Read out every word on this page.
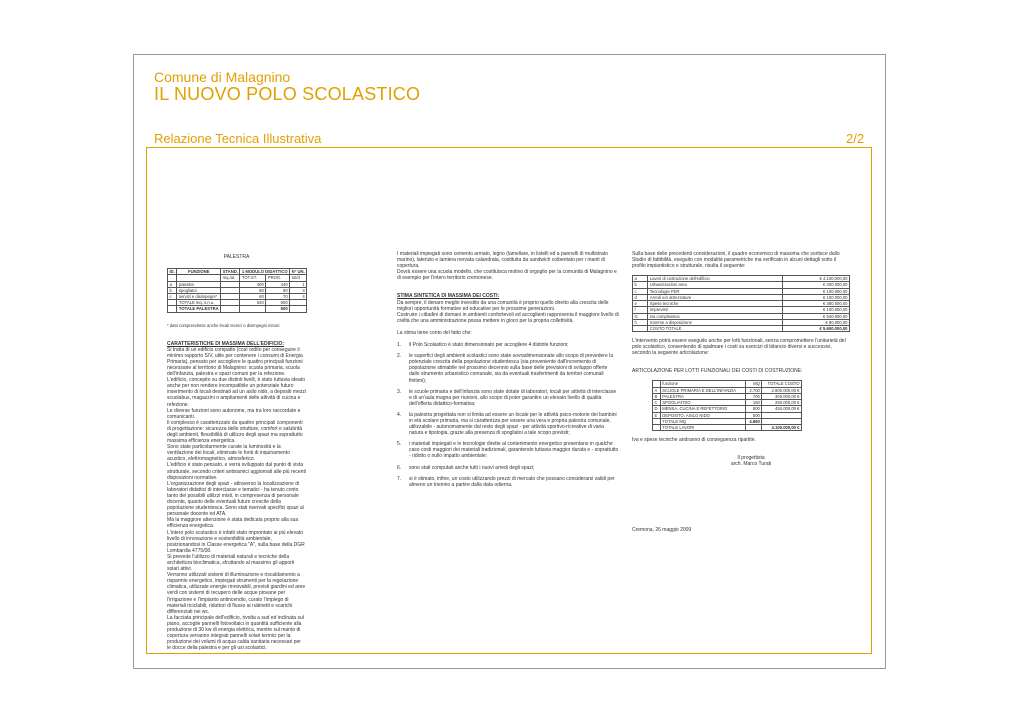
Comune di Malagnino
IL NUOVO POLO SCOLASTICO
Relazione Tecnica Illustrativa	2/2
PALESTRA
ID.	FUNZIONE	STAND.	1 MODULO DIDATTICO		N° UN.
		mq./al.	TOT.ST.	PROG.	tot/d
a	palestra		400	440	1
b	spogliatoi		80	90	3
c	servizi e disimpegni*		60	70	4
	TOTALE mq. s.n.u.		540	600	
	TOTALE PALESTRA			600	
* dato comprendente anche locali tecnici e disimpegni minori.
CARATTERISTICHE DI MASSIMA DELL'EDIFICIO:

Si tratta di un edificio compatto (così ordito per conseguire il minimo rapporto S/V, utile per contenere i consumi di Energia Primaria), pensato per accogliere le quattro principali funzioni necessarie al territorio di Malagnino: scuola primaria, scuola dell'infanzia, palestra e spazi comuni per la refezione.

L'edificio, concepito su due distinti livelli, è stato tuttavia ideato anche per non rendere incompatibile un potenziale futuro inserimento di locali destinati ad un asilo nido, a depositi mezzi scuolabus, magazzini o ampliamenti delle attività di cucina e refezione.

Le diverse funzioni sono autonome, ma tra loro raccordate e comunicanti.

Il complesso è caratterizzato da quattro principali componenti di progettazione: sicurezza delle strutture, comfort e salubrità degli ambienti, flessibilità di utilizzo degli spazi ma soprattutto massima efficienza energetica.

Sono state particolarmente curate la luminosità e la ventilazione dei locali, eliminate le fonti di inquinamento acustico, elettromagnetico, atmosferico.

L'edificio è stato pensato, e verrà sviluppato dal punto di vista strutturale, secondo criteri antisismici aggiornati alle più recenti disposizioni normative.

L'organizzazione degli spazi - attraverso la localizzazione di laboratori didattici di interclasse e tematici - ha tenuto conto tanto dei possibili utilizzi misti, in compresenza di personale docente, quanto delle eventuali future crescite della popolazione studentesca. Sono stati riservati specifici spazi al personale docente ed ATA.

Ma la maggiore attenzione è stata dedicata proprio alla sua efficienza energetica.

L'intero polo scolastico è infatti stato improntato ai più elevato livello di innovazione e sostenibilità ambientale, posizionandosi in Classe energetica "A", sulla base della DGR Lombardia 4775/08.

Si prevede l'utilizzo di materiali naturali e tecniche della architettura bioclimatica, sfruttando al massimo gli apporti solari attivi.

Verranno utilizzati sistemi di illuminazione e riscaldamento a risparmio energetico, impiegati strumenti per la regolazione climatica, utilizzate energie rinnovabili, previsti giardini ed aree verdi con sistemi di recupero delle acque piovane per l'irrigazione e l'impianto antincendio, curato l'impiego di materiali riciclabili, riduttori di flusso ai rubinetti e scarichi differenziati nei wc.

La facciata principale dell'edificio, rivolta a sud ed inclinata sul piano, accoglie pannelli fotovoltaici in quantità sufficiente alla produzione di 30 kw di energia elettrica, mentre sul manto di copertura verranno integrati pannelli solari termici per la produzione dei volumi di acqua calda sanitaria necessari per le docce della palestra e per gli usi scolastici.

I materiali impiegati sono cemento armato, legno (lamellare, in listelli ed a pannelli di multistrato marino), laterizio e lamiera nervata calandrata, costituita da sandwich coibentato per i manti di copertura.

Dovrà essere una scuola modello, che costituisca motivo di orgoglio per la comunità di Malagnino e di esempio per l'intero territorio cremonese.

STIMA SINTETICA DI MASSIMA DEI COSTI:

Da sempre, il denaro meglio investito da una comunità è proprio quello diretto alla crescita delle migliori opportunità formative ed educative per le prossime generazioni.

Costruire i cittadini di domani in ambienti confortevoli ed accoglienti rappresenta il maggiore livello di civiltà che una amministrazione possa mettere in gioco per la propria collettività.

La stima tiene conto del fatto che:

1.	il Polo Scolastico è stato dimensionato per accogliere 4 distinte funzioni;
2.	le superfici degli ambienti scolastici sono state sovradimensionate allo scopo di prevedere la potenziale crescita della popolazione studentesca (sia proveniente dall'incremento di popolazione stimabile nel prossimo decennio sulla base delle previsioni di sviluppo offerte dallo strumento urbanistico comunale, sia da eventuali trasferimenti da territori comunali finitimi);
3.	le scuole primaria e dell'infanzia sono state dotate di laboratori, locali per attività di interclasse e di un'aula magna per riunioni, allo scopo di poter garantire un elevato livello di qualità dell'offerta didattico-formativa;
4.	la palestra progettata non si limita ad essere un locale per le attività psico-motorie dei bambini in età scolare primaria, ma si caratterizza per essere una vera e propria palestra comunale, utilizzabile - autonomamente dal resto degli spazi - per attività sportivo-ricreative di varia natura e tipologia, grazie alla presenza di spogliatoi a tale scopo previsti;
5.	i materiali impiegati e le tecnologie dirette al contenimento energetico presentano in qualche caso costi maggiori dei materiali tradizionali, garantendo tuttavia maggior durata e - soprattutto - ridotto o nullo impatto ambientale;
6.	sono stati computati anche tutti i nuovi arredi degli spazi;
7.	si è stimato, infine, un costo utilizzando prezzi di mercato che possano considerarsi validi per almeno un triennio a partire dalla data odierna.

Sulla base delle precedenti considerazioni, il quadro economico di massima che sortisce dallo Studio di fattibilità, eseguito con modalità parametriche ma verificato in alcuni dettagli sotto il profilo impiantistico e strutturale, risulta il seguente:

a	Lavori di costruzione dell'edificio	€ 4.100.000,00
b	Urbanizzazioni area	€ 200.000,00
c	Tecnologie FER	€ 100.000,00
d	Arredi e/o attrezzature	€ 100.000,00
e	Spese tecniche	€ 380.000,00
f	Imprevisti	€ 100.000,00
G	Iva complessiva	€ 540.000,00
h	Somme a disposizione	€ 80.000,00
	COSTO TOTALE	€ 5.600.000,00

L'intervento potrà essere eseguito anche per lotti funzionali, senza compromettere l'unitarietà del polo scolastico, consentendo di spalmare i costi su esercizi di bilancio diversi e successivi, secondo la seguente articolazione:

ARTICOLAZIONE PER LOTTI FUNZIONALI DEI COSTI DI COSTRUZIONE:

	funzione	MQ	TOTALE COSTO
A	SCUOLE PRIMARIA E DELL'INFANZIA	2.700	2.900.000,00 €
B	PALESTRA	700	300.000,00 €
C	SPOGLIATOIO	160	250.000,00 €
D	MENSA, CUCINA E REFETTORIO	800	450.000,00 €
E	DEPOSITO, ASILO NIDO	500	
	TOTALE MQ	4.860	
	TOTALE LAVORI		4.100.000,00 €

Iva e spese tecniche andranno di conseguenza ripartite.

Il progettista
arch. Marco Turati
Cremona, 26 maggio 2009
